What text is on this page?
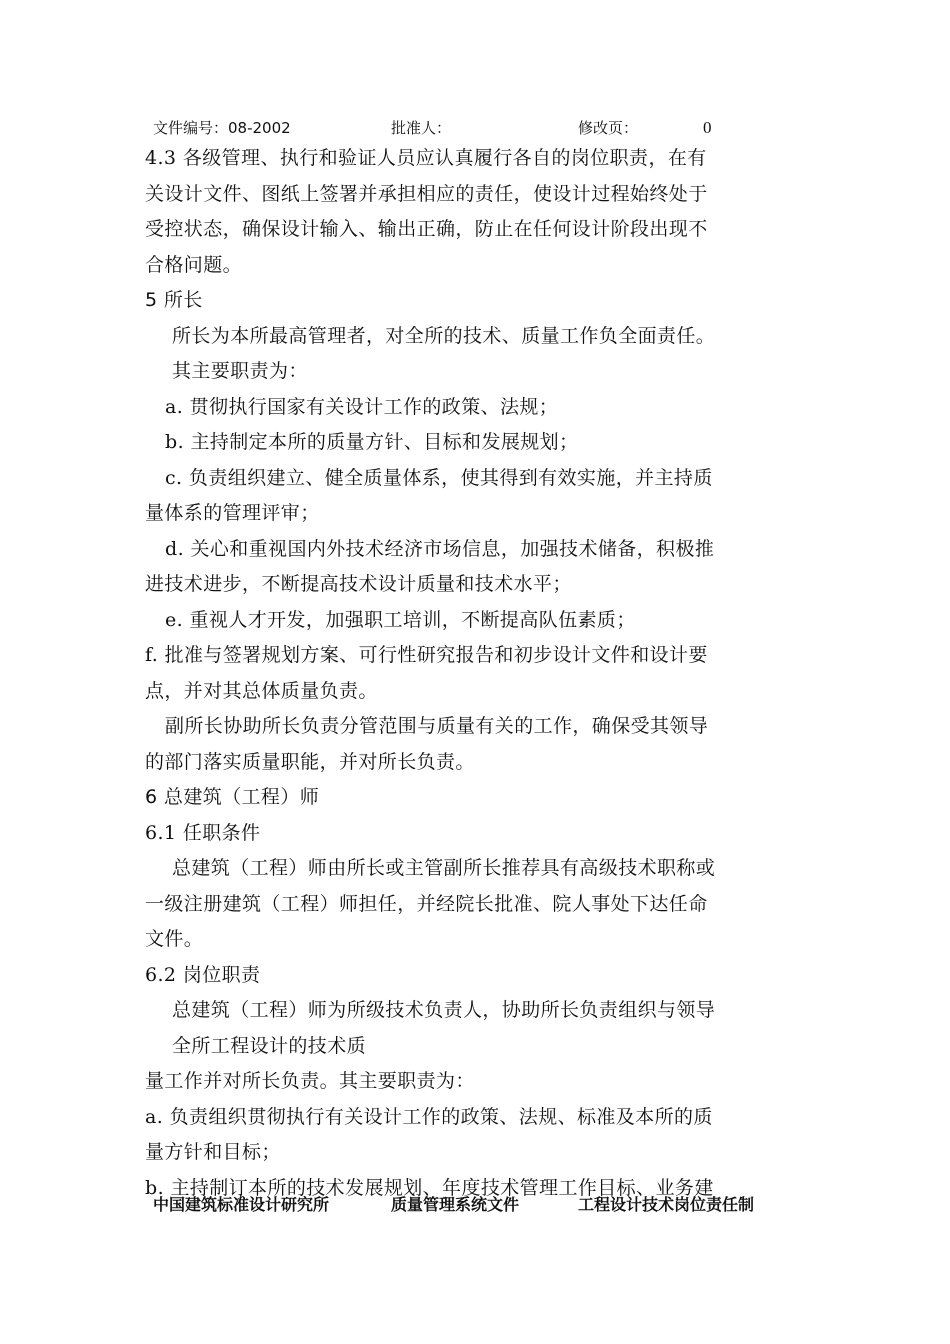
文件编号：08-2002	批准人：	修改页：	0

4.3 各级管理、执行和验证人员应认真履行各自的岗位职责，在有

关设计文件、图纸上签署并承担相应的责任，使设计过程始终处于

受控状态，确保设计输入、输出正确，防止在任何设计阶段出现不

合格问题。

5 所长

所长为本所最高管理者，对全所的技术、质量工作负全面责任。

其主要职责为：

a. 贯彻执行国家有关设计工作的政策、法规；

b. 主持制定本所的质量方针、目标和发展规划；

c. 负责组织建立、健全质量体系，使其得到有效实施，并主持质

量体系的管理评审；

d. 关心和重视国内外技术经济市场信息，加强技术储备，积极推

进技术进步，不断提高技术设计质量和技术水平；

e. 重视人才开发，加强职工培训，不断提高队伍素质；

f. 批准与签署规划方案、可行性研究报告和初步设计文件和设计要

点，并对其总体质量负责。

副所长协助所长负责分管范围与质量有关的工作，确保受其领导

的部门落实质量职能，并对所长负责。

6 总建筑（工程）师

6.1 任职条件

总建筑（工程）师由所长或主管副所长推荐具有高级技术职称或

一级注册建筑（工程）师担任，并经院长批准、院人事处下达任命

文件。

6.2 岗位职责

总建筑（工程）师为所级技术负责人，协助所长负责组织与领导

全所工程设计的技术质

量工作并对所长负责。其主要职责为：

a. 负责组织贯彻执行有关设计工作的政策、法规、标准及本所的质

量方针和目标；

b. 主持制订本所的技术发展规划、年度技术管理工作目标、业务建

中国建筑标准设计研究所	质量管理系统文件	工程设计技术岗位责任制
